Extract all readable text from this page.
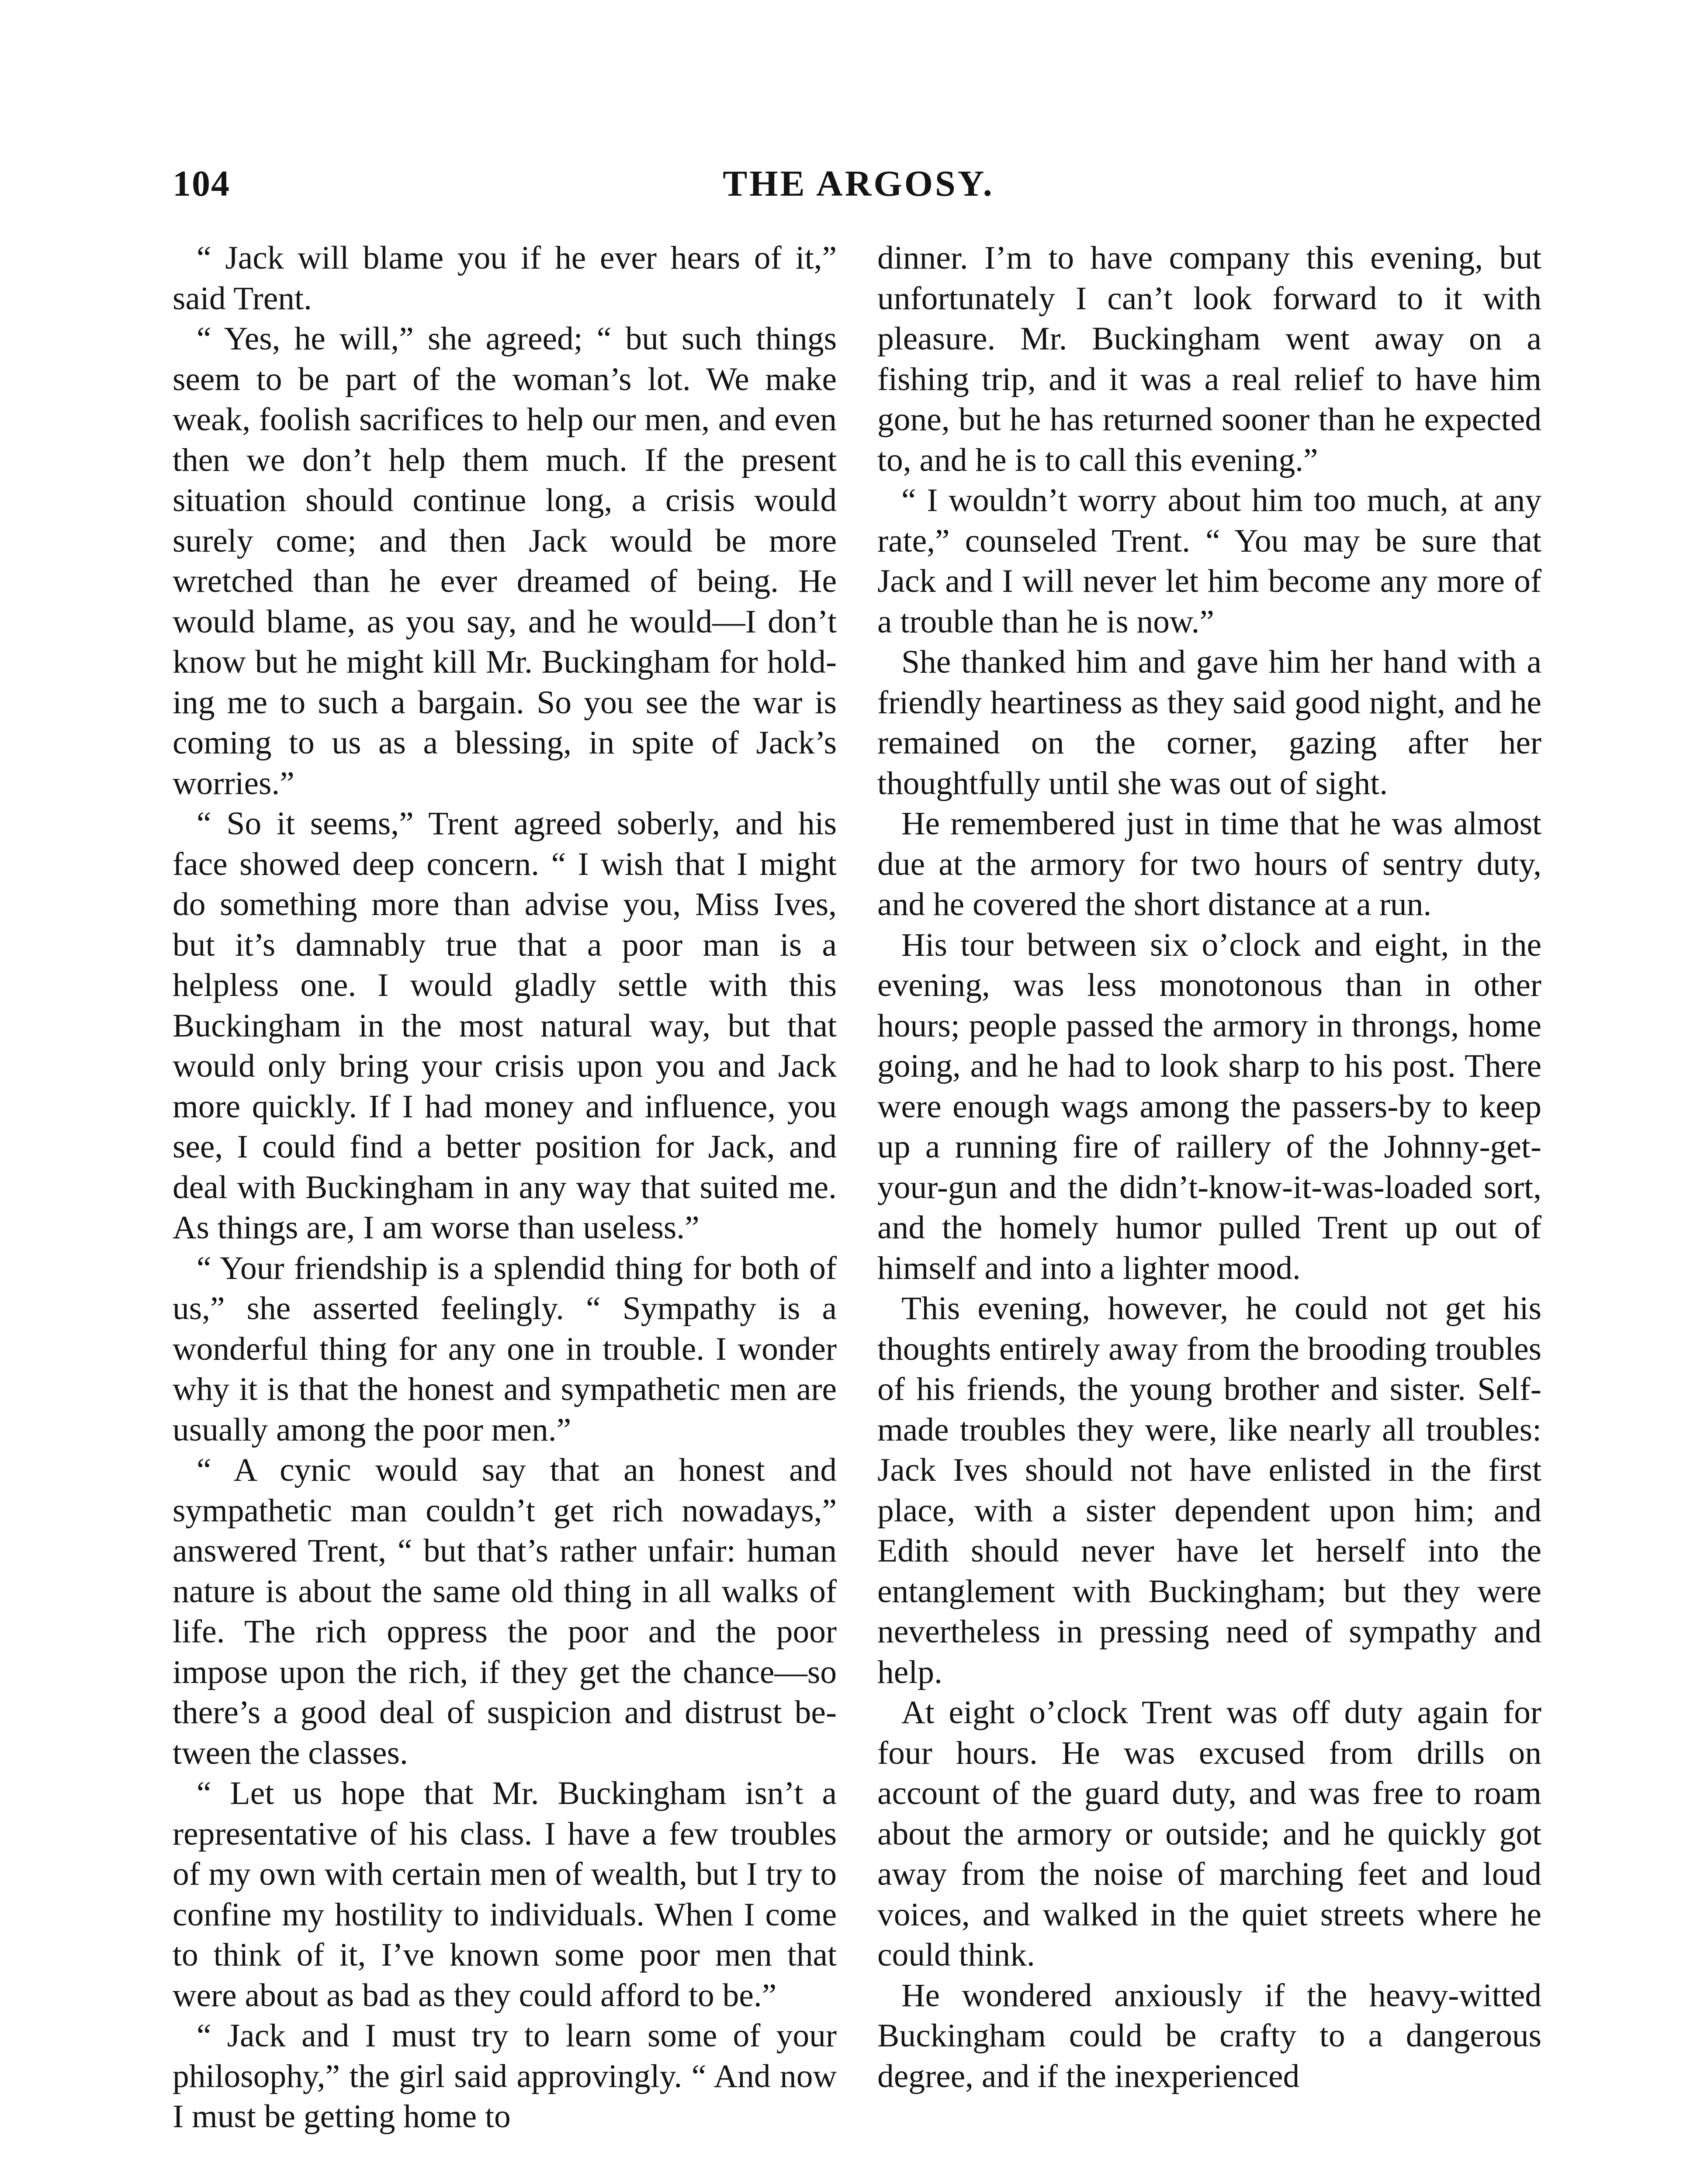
104	THE ARGOSY.

“ Jack will blame you if he ever hears of it,” said Trent.

“ Yes, he will,” she agreed; “ but such things seem to be part of the woman’s lot. We make weak, foolish sacrifices to help our men, and even then we don’t help them much. If the present situation should continue long, a crisis would surely come; and then Jack would be more wretched than he ever dreamed of being. He would blame, as you say, and he would—I don’t know but he might kill Mr. Buckingham for holding me to such a bargain. So you see the war is coming to us as a blessing, in spite of Jack’s worries.”

“ So it seems,” Trent agreed soberly, and his face showed deep concern. “ I wish that I might do something more than advise you, Miss Ives, but it’s damnably true that a poor man is a helpless one. I would gladly settle with this Buckingham in the most natural way, but that would only bring your crisis upon you and Jack more quickly. If I had money and influence, you see, I could find a better position for Jack, and deal with Buckingham in any way that suited me. As things are, I am worse than useless.”

“ Your friendship is a splendid thing for both of us,” she asserted feelingly. “ Sympathy is a wonderful thing for any one in trouble. I wonder why it is that the honest and sympathetic men are usually among the poor men.”

“ A cynic would say that an honest and sympathetic man couldn’t get rich nowadays,” answered Trent, “ but that’s rather unfair: human nature is about the same old thing in all walks of life. The rich oppress the poor and the poor impose upon the rich, if they get the chance—so there’s a good deal of suspicion and distrust between the classes.

“ Let us hope that Mr. Buckingham isn’t a representative of his class. I have a few troubles of my own with certain men of wealth, but I try to confine my hostility to individuals. When I come to think of it, I’ve known some poor men that were about as bad as they could afford to be.”

“ Jack and I must try to learn some of your philosophy,” the girl said approvingly. “ And now I must be getting home to

dinner. I’m to have company this evening, but unfortunately I can’t look forward to it with pleasure. Mr. Buckingham went away on a fishing trip, and it was a real relief to have him gone, but he has returned sooner than he expected to, and he is to call this evening.”

“ I wouldn’t worry about him too much, at any rate,” counseled Trent. “ You may be sure that Jack and I will never let him become any more of a trouble than he is now.”

She thanked him and gave him her hand with a friendly heartiness as they said good night, and he remained on the corner, gazing after her thoughtfully until she was out of sight.

He remembered just in time that he was almost due at the armory for two hours of sentry duty, and he covered the short distance at a run.

His tour between six o’clock and eight, in the evening, was less monotonous than in other hours; people passed the armory in throngs, home going, and he had to look sharp to his post. There were enough wags among the passers-by to keep up a running fire of raillery of the Johnny-get-your-gun and the didn’t-know-it-was-loaded sort, and the homely humor pulled Trent up out of himself and into a lighter mood.

This evening, however, he could not get his thoughts entirely away from the brooding troubles of his friends, the young brother and sister. Self-made troubles they were, like nearly all troubles: Jack Ives should not have enlisted in the first place, with a sister dependent upon him; and Edith should never have let herself into the entanglement with Buckingham; but they were nevertheless in pressing need of sympathy and help.

At eight o’clock Trent was off duty again for four hours. He was excused from drills on account of the guard duty, and was free to roam about the armory or outside; and he quickly got away from the noise of marching feet and loud voices, and walked in the quiet streets where he could think.

He wondered anxiously if the heavy-witted Buckingham could be crafty to a dangerous degree, and if the inexperienced
